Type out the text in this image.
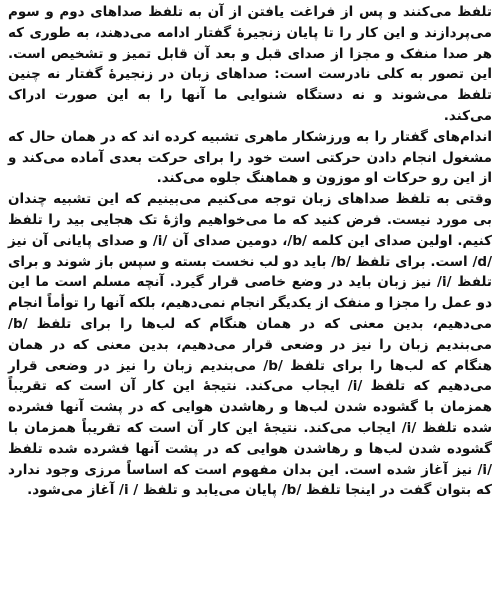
تلفظ می‌کنند و پس از فراغت یافتن از آن به تلفظ صداهای دوم و سوم می‌پردازند و این کار را تا پایان زنجیرهٔ گفتار ادامه می‌دهند، به طوری که هر صدا منفک و مجزا از صدای قبل و بعد آن قابل تمیز و تشخیص است. این تصور به کلی نادرست است: صداهای زبان در زنجیرهٔ گفتار نه چنین تلفظ می‌شوند و نه دستگاه شنوایی ما آنها را به این صورت ادراک می‌کند.

اندام‌های گفتار را به ورزشکار ماهری تشبیه کرده اند که در همان حال که مشغول انجام دادن حرکتی است خود را برای حرکت بعدی آماده می‌کند و از این رو حرکات او موزون و هماهنگ جلوه می‌کند.

وقتی به تلفظ صداهای زبان توجه می‌کنیم می‌بینیم که این تشبیه چندان بی مورد نیست. فرض کنید که ما می‌خواهیم واژهٔ تک هجایی بید را تلفظ کنیم. اولین صدای این کلمه /b/، دومین صدای آن /i/ و صدای پایانی آن نیز /d/ است. برای تلفظ /b/ باید دو لب نخست بسته و سپس باز شوند و برای تلفظ /i/ نیز زبان باید در وضع خاصی قرار گیرد. آنچه مسلم است ما این دو عمل را مجزا و منفک از یکدیگر انجام نمی‌دهیم، بلکه آنها را توأماً انجام می‌دهیم، بدین معنی که در همان هنگام که لب‌ها را برای تلفظ /b/ می‌بندیم زبان را نیز در وضعی قرار می‌دهیم، بدین معنی که در همان هنگام که لب‌ها را برای تلفظ /b/ می‌بندیم زبان را نیز در وضعی قرار می‌دهیم که تلفظ /i/ ایجاب می‌کند. نتیجهٔ این کار آن است که تقریباً همزمان با گشوده شدن لب‌ها و رهاشدن هوایی که در پشت آنها فشرده شده تلفظ /i/ ایجاب می‌کند. نتیجهٔ این کار آن است که تقریباً همزمان با گشوده شدن لب‌ها و رهاشدن هوایی که در پشت آنها فشرده شده تلفظ /i/ نیز آغاز شده است. این بدان مفهوم است که اساساً مرزی وجود ندارد که بتوان گفت در اینجا تلفظ /b/ پایان می‌یابد و تلفظ / i/ آغاز می‌شود.
